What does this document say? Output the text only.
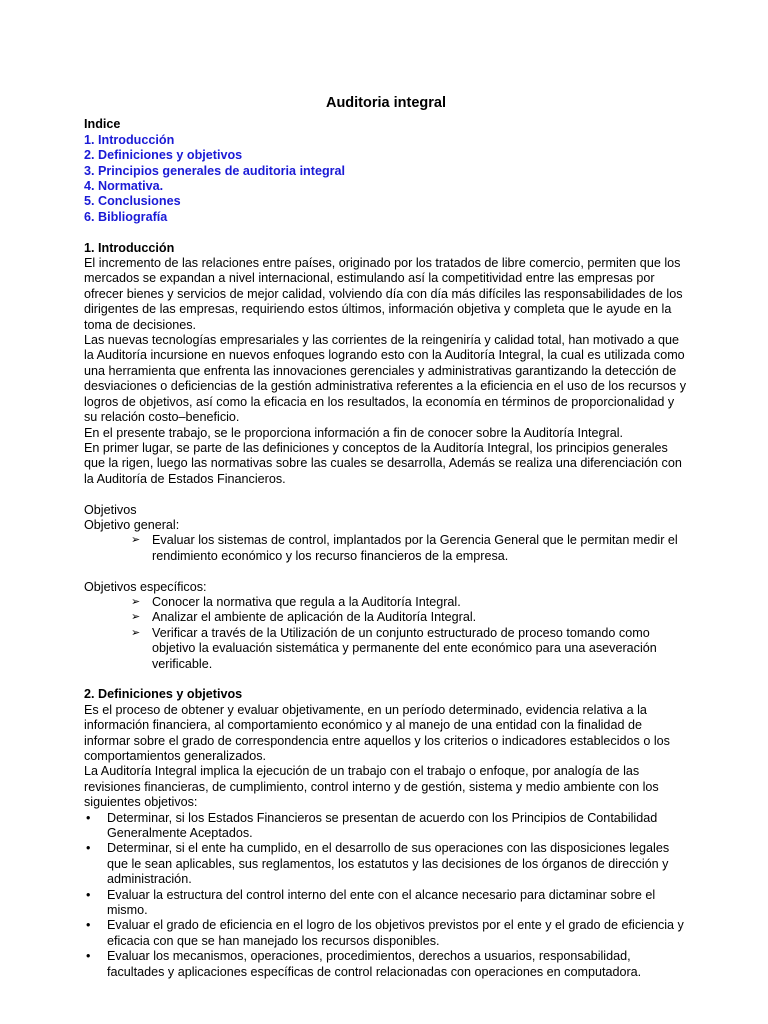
Auditoria integral
Indice
1. Introducción
2. Definiciones y objetivos
3. Principios generales de auditoria integral
4. Normativa.
5. Conclusiones
6. Bibliografía
1. Introducción

El incremento de las relaciones entre países, originado por los tratados de libre comercio, permiten que los mercados se expandan a nivel internacional, estimulando así la competitividad entre las empresas por ofrecer bienes y servicios de mejor calidad, volviendo día con día más difíciles las responsabilidades de los dirigentes de las empresas, requiriendo estos últimos, información objetiva y completa que le ayude en la toma de decisiones.

Las nuevas tecnologías empresariales y las corrientes de la reingeniría y calidad total, han motivado a que la Auditoría incursione en nuevos enfoques logrando esto con la Auditoría Integral, la cual es utilizada como una herramienta que enfrenta las innovaciones gerenciales y administrativas garantizando la detección de desviaciones o deficiencias de la gestión administrativa referentes a la eficiencia en el uso de los recursos y logros de objetivos, así como la eficacia en los resultados, la economía en términos de proporcionalidad y su relación costo–beneficio.

En el presente trabajo, se le proporciona información a fin de conocer sobre la Auditoría Integral.

En primer lugar, se parte de las definiciones y conceptos de la Auditoría Integral, los principios generales que la rigen, luego las normativas sobre las cuales se desarrolla, Además se realiza una diferenciación con la Auditoría de Estados Financieros.

Objetivos
Objetivo general:
➢ Evaluar los sistemas de control, implantados por la Gerencia General que le permitan medir el rendimiento económico y los recurso financieros de la empresa.
Objetivos específicos:
➢ Conocer la normativa que regula a la Auditoría Integral.
➢ Analizar el ambiente de aplicación de la Auditoría Integral.
➢ Verificar a través de la Utilización de un conjunto estructurado de proceso tomando como objetivo la evaluación sistemática y permanente del ente económico para una aseveración verificable.
2. Definiciones y objetivos

Es el proceso de obtener y evaluar objetivamente, en un período determinado, evidencia relativa a la información financiera, al comportamiento económico y al manejo de una entidad con la finalidad de informar sobre el grado de correspondencia entre aquellos y los criterios o indicadores establecidos o los comportamientos generalizados.

La Auditoría Integral implica la ejecución de un trabajo con el trabajo o enfoque, por analogía de las revisiones financieras, de cumplimiento, control interno y de gestión, sistema y medio ambiente con los siguientes objetivos:

• Determinar, si los Estados Financieros se presentan de acuerdo con los Principios de Contabilidad Generalmente Aceptados.
• Determinar, si el ente ha cumplido, en el desarrollo de sus operaciones con las disposiciones legales que le sean aplicables, sus reglamentos, los estatutos y las decisiones de los órganos de dirección y administración.
• Evaluar la estructura del control interno del ente con el alcance necesario para dictaminar sobre el mismo.
• Evaluar el grado de eficiencia en el logro de los objetivos previstos por el ente y el grado de eficiencia y eficacia con que se han manejado los recursos disponibles.
• Evaluar los mecanismos, operaciones, procedimientos, derechos a usuarios, responsabilidad, facultades y aplicaciones específicas de control relacionadas con operaciones en computadora.
